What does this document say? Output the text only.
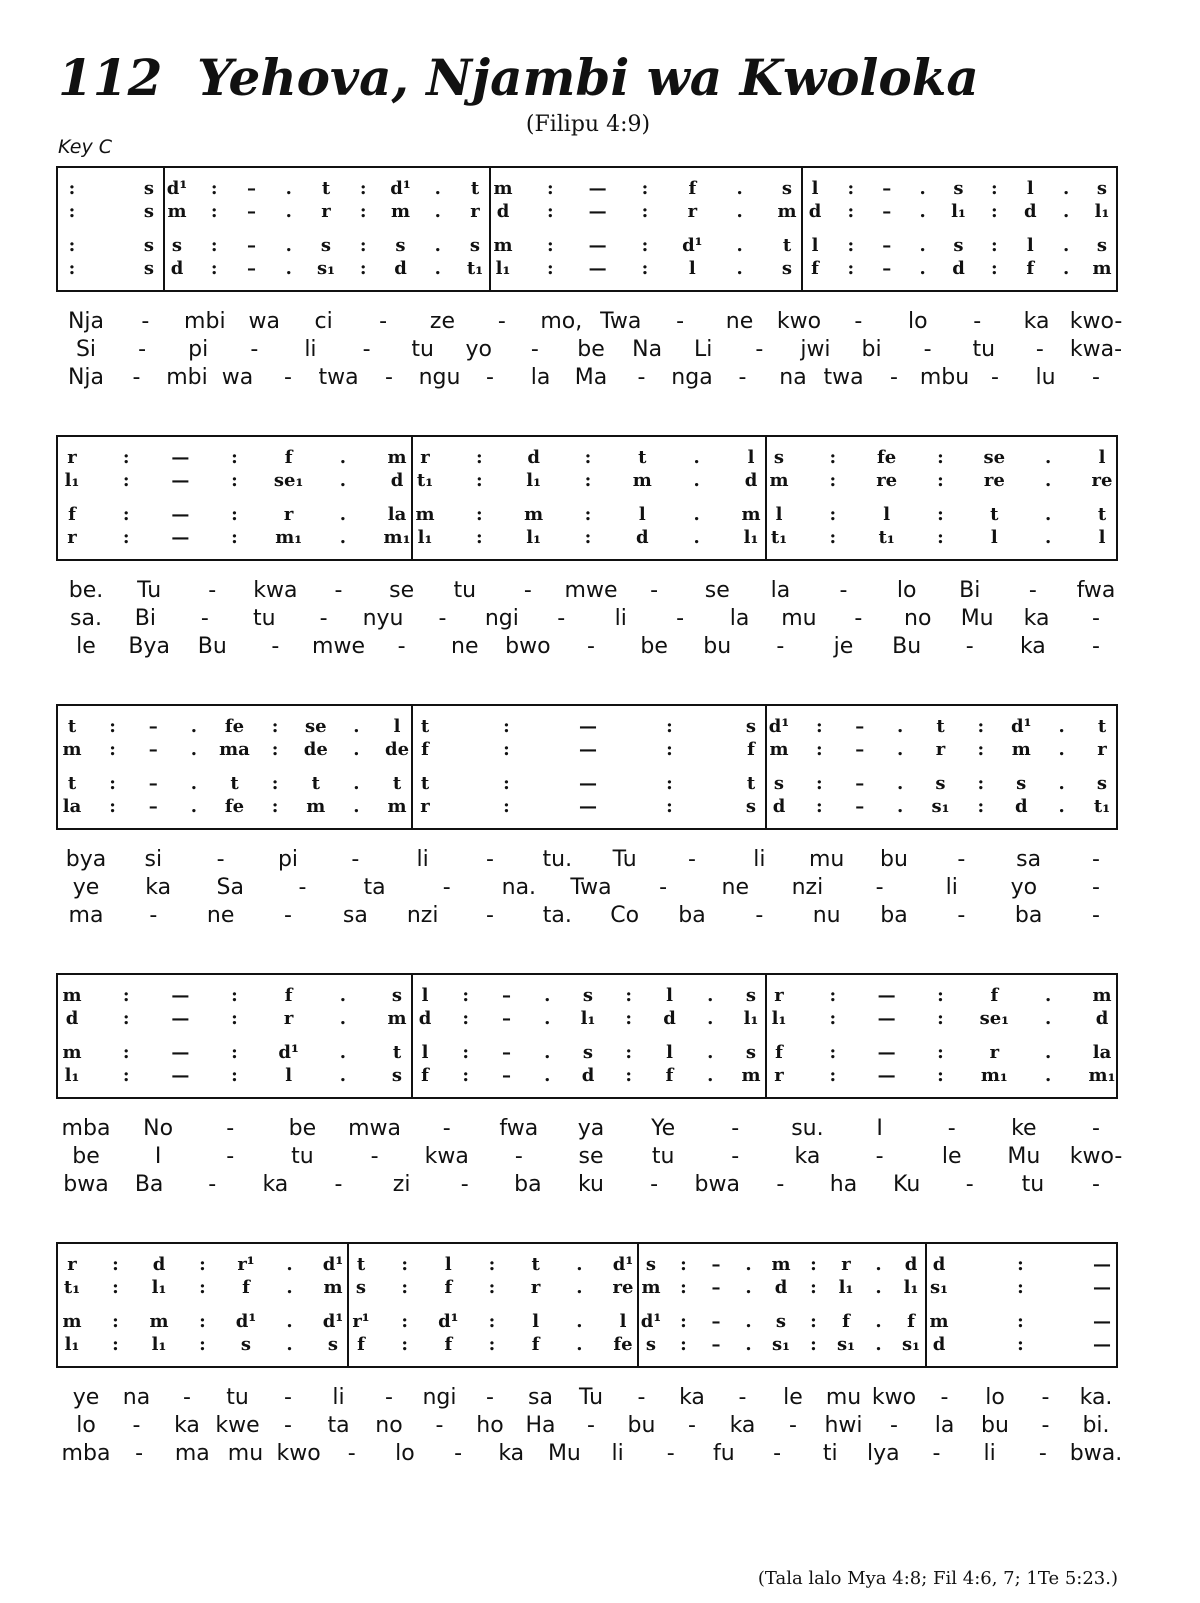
112 Yehova, Njambi wa Kwoloka
(Filipu 4:9)
Key C
:	s d¹ : – . t : d¹ . t m : — : f . s l : – . s : l . s
:	s m : – . r : m . r d : — : r . m d : – . l₁ : d . l₁
:	s s : – . s : s . s m : — : d¹ . t l : – . s : l . s
:	s d : – . s₁ : d . t₁ l₁ : — : l . s f : – . d : f . m
Nja - mbi wa ci - ze - mo, Twa - ne kwo - lo - ka kwo-
Si - pi - li - tu yo - be Na Li - jwi bi - tu - kwa-
Nja - mbi wa - twa - ngu - la Ma - nga - na twa - mbu - lu -
r	: — :	f	. m r	: d :	t	.	l s	: fe : se .	l
l₁ : — : se₁ . d t₁ : l₁ : m . d m : re : re . re
f	: — :	r	. la m : m :	l	. m l	:	l	:	t	.	t
r	: — : m₁ . m₁ l₁ : l₁ : d . l₁ t₁ : t₁ :	l	.	l
be. Tu - kwa - se tu - mwe - se la - lo Bi - fwa
sa. Bi - tu - nyu - ngi - li - la mu - no Mu ka -
le Bya Bu - mwe - ne bwo - be bu - je Bu - ka -
t : – . fe : se . l t	:	—	:	s d¹ : – . t : d¹ . t
m : – . ma : de . de f	:	—	:	f m : – . r : m . r
t : – . t : t . t t	:	—	:	t s : – . s : s . s
la : – . fe : m . m r	:	—	:	s d : – . s₁ : d . t₁
bya si - pi -	li	- tu. Tu -	li mu bu - sa -
ye ka Sa -	ta	- na. Twa - ne nzi -	li yo -
ma - ne - sa nzi - ta. Co ba - nu ba - ba -
m : — :	f	.	s l : – . s : l . s r	: — :	f	. m
d : — :	r	. m d : – . l₁ : d . l₁ l₁ : — : se₁ . d
m : — : d¹ .	t l : – . s : l . s f	: — :	r	. la
l₁ : — :	l	.	s f : – . d : f . m r	: — : m₁ . m₁
mba No - be mwa - fwa ya Ye	- su. I	-	ke	-
be	I	-	tu	- kwa -	se tu	-	ka	-	le Mu kwo-
bwa Ba - ka - zi - ba ku - bwa - ha Ku - tu -
r : d : r¹ . d¹ t : l : t . d¹ s : – . m : r . d d	:	—
t₁ : l₁ : f . m s : f : r . re m : – . d : l₁ . l₁ s₁	:	—
m : m : d¹ . d¹ r¹ : d¹ : l . l d¹ : – . s : f . f m	:	—
l₁ : l₁ : s . s f : f : f . fe s : – . s₁ : s₁ . s₁ d	:	—
ye na - tu - li - ngi - sa Tu - ka - le mu kwo - lo - ka.
lo - ka kwe - ta no - ho Ha - bu - ka - hwi - la bu - bi.
mba - ma mu kwo - lo - ka Mu li - fu - ti lya - li - bwa.
(Tala lalo Mya 4:8; Fil 4:6, 7; 1Te 5:23.)
